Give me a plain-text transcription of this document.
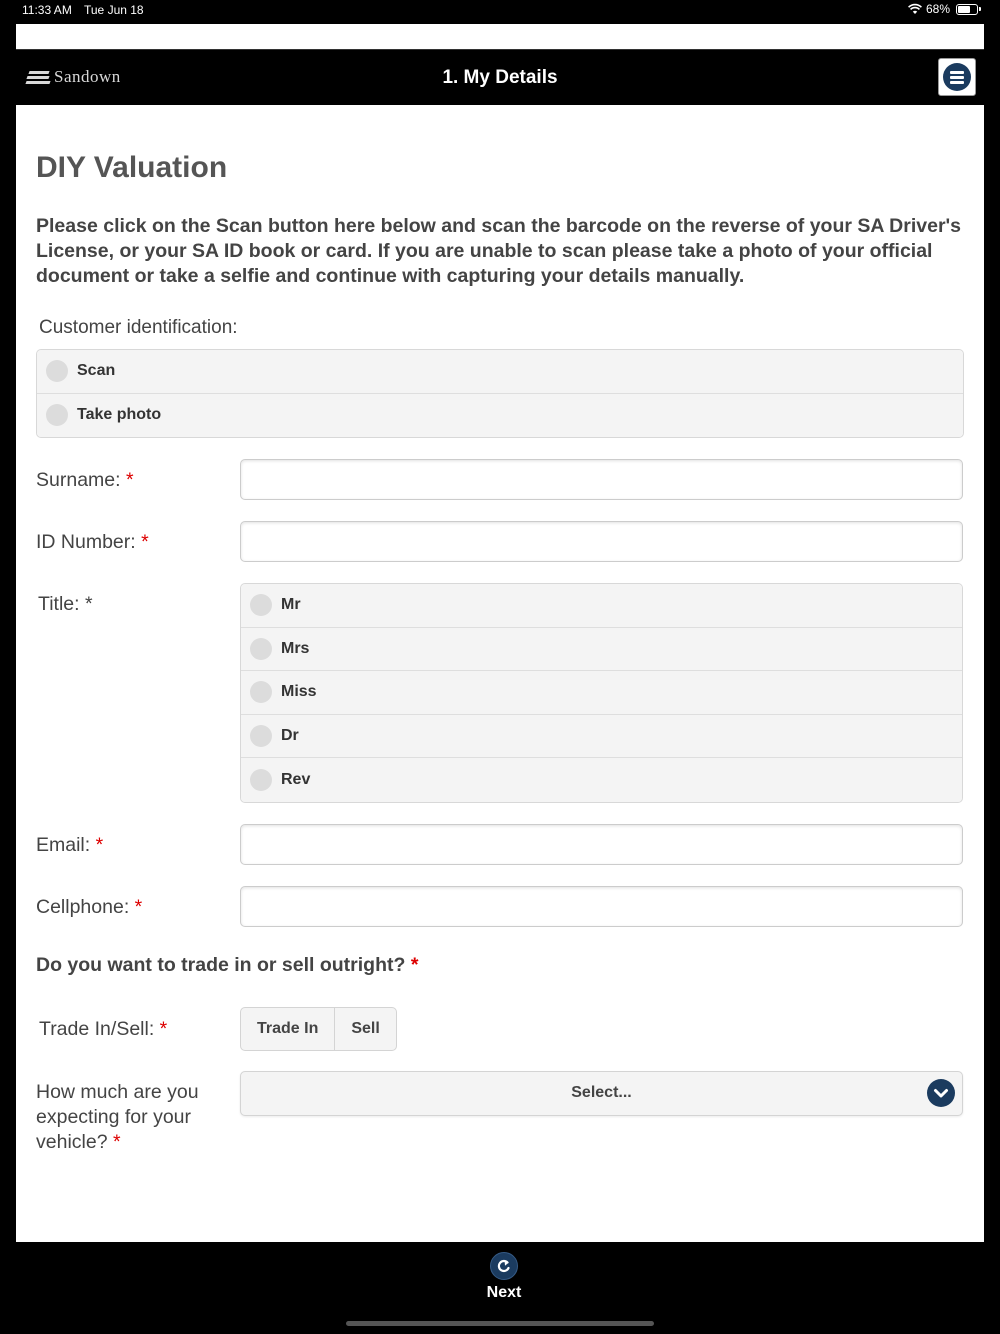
11:33 AM Tue Jun 18	68%
Sandown	1. My Details
DIY Valuation
Please click on the Scan button here below and scan the barcode on the reverse of your SA Driver's License, or your SA ID book or card. If you are unable to scan please take a photo of your official document or take a selfie and continue with capturing your details manually.
Customer identification:
Scan
Take photo
Surname: *
ID Number: *
Title: *	Mr
Mrs
Miss
Dr
Rev
Email: *
Cellphone: *
Do you want to trade in or sell outright? *
Trade In/Sell: *	Trade In	Sell
How much are you expecting for your vehicle? *
Select...
Next
